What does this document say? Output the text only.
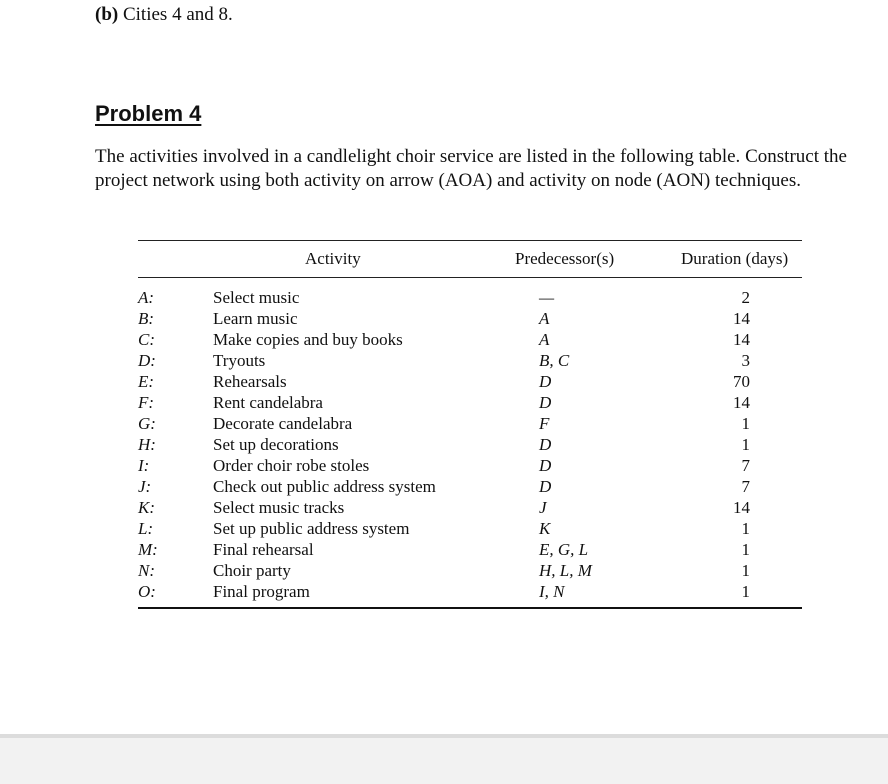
(b) Cities 4 and 8.
Problem 4
The activities involved in a candlelight choir service are listed in the following table. Construct the project network using both activity on arrow (AOA) and activity on node (AON) techniques.
Activity	Predecessor(s)	Duration (days)
A:	Select music	—	2
B:	Learn music	A	14
C:	Make copies and buy books	A	14
D:	Tryouts	B, C	3
E:	Rehearsals	D	70
F:	Rent candelabra	D	14
G:	Decorate candelabra	F	1
H:	Set up decorations	D	1
I:	Order choir robe stoles	D	7
J:	Check out public address system	D	7
K:	Select music tracks	J	14
L:	Set up public address system	K	1
M:	Final rehearsal	E, G, L	1
N:	Choir party	H, L, M	1
O:	Final program	I, N	1
